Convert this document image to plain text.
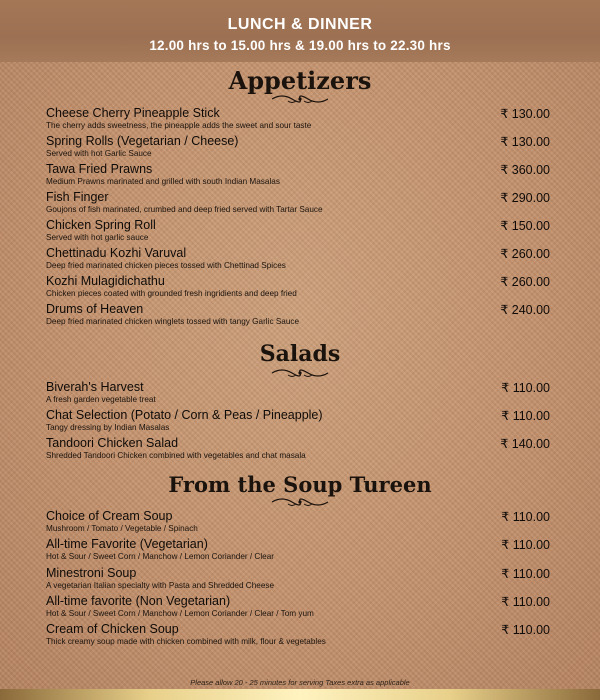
LUNCH & DINNER
12.00 hrs to 15.00 hrs & 19.00 hrs to 22.30 hrs
Appetizers
Cheese Cherry Pineapple Stick
The cherry adds sweetness, the pineapple adds the sweet and sour taste
₹ 130.00
Spring Rolls (Vegetarian / Cheese)
Served with hot Garlic Sauce
₹ 130.00
Tawa Fried Prawns
Medium Prawns marinated and grilled with south Indian Masalas
₹ 360.00
Fish Finger
Goujons of fish marinated, crumbed and deep fried served with Tartar Sauce
₹ 290.00
Chicken Spring Roll
Served with hot garlic sauce
₹ 150.00
Chettinadu Kozhi Varuval
Deep fried marinated chicken pieces tossed with Chettinad Spices
₹ 260.00
Kozhi Mulagidichathu
Chicken pieces coated with grounded fresh ingridients and deep fried
₹ 260.00
Drums of Heaven
Deep fried marinated chicken winglets tossed with tangy Garlic Sauce
₹ 240.00
Salads
Biverah's Harvest
A fresh garden vegetable treat
₹ 110.00
Chat Selection (Potato / Corn & Peas / Pineapple)
Tangy dressing by Indian Masalas
₹ 110.00
Tandoori Chicken Salad
Shredded Tandoori Chicken combined with vegetables and chat masala
₹ 140.00
From the Soup Tureen
Choice of Cream Soup
Mushroom / Tomato / Vegetable / Spinach
₹ 110.00
All-time Favorite (Vegetarian)
Hot & Sour / Sweet Corn / Manchow / Lemon Coriander / Clear
₹ 110.00
Minestroni Soup
A vegetarian Italian specialty with Pasta and Shredded Cheese
₹ 110.00
All-time favorite (Non Vegetarian)
Hot & Sour / Sweet Corn / Manchow / Lemon Coriander / Clear / Tom yum
₹ 110.00
Cream of Chicken Soup
Thick creamy soup made with chicken combined with milk, flour & vegetables
₹ 110.00
Please allow 20 - 25 minutes for serving Taxes extra as applicable
